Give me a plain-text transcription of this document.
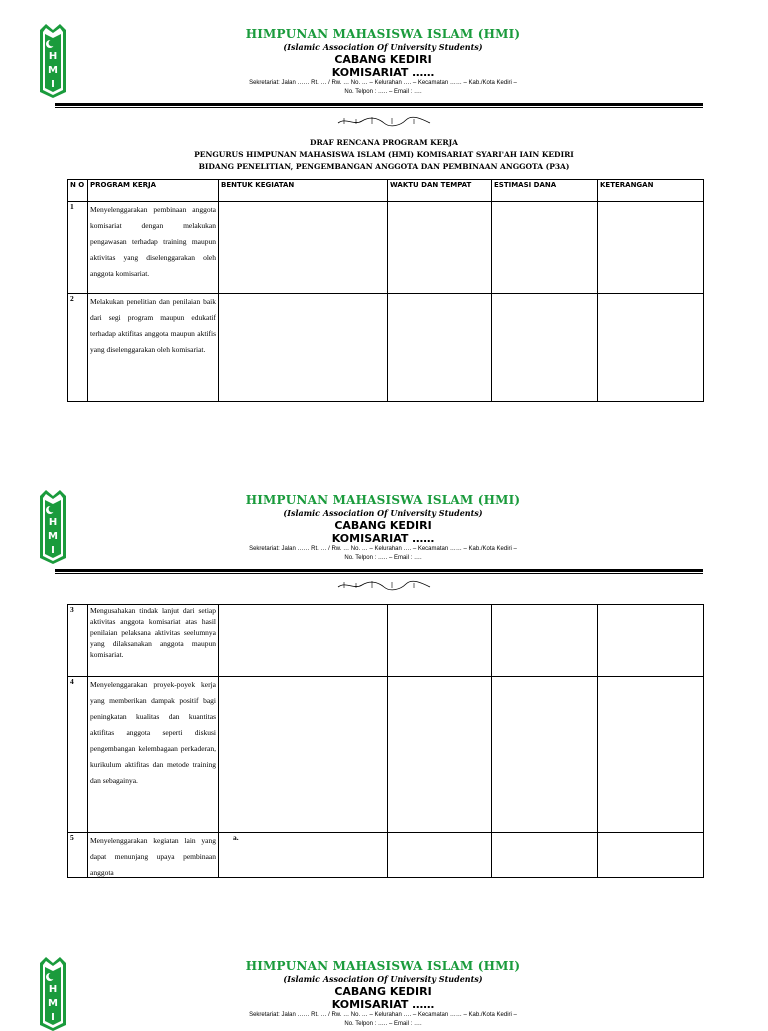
H
M
I
HIMPUNAN MAHASISWA ISLAM (HMI)
(Islamic Association Of University Students)
CABANG KEDIRI
KOMISARIAT ……
Sekretariat: Jalan …… Rt. … / Rw. … No. … – Kelurahan …. – Kecamatan …… – Kab./Kota Kediri –
No. Telpon : ….. – Email : ….
DRAF RENCANA PROGRAM KERJA
PENGURUS HIMPUNAN MAHASISWA ISLAM (HMI) KOMISARIAT SYARI'AH IAIN KEDIRI
BIDANG PENELITIAN, PENGEMBANGAN ANGGOTA DAN PEMBINAAN ANGGOTA (P3A)
N O	PROGRAM KERJA	BENTUK KEGIATAN	WAKTU DAN TEMPAT	ESTIMASI DANA	KETERANGAN
1	Menyelenggarakan pembinaan anggota komisariat dengan melakukan pengawasan terhadap training maupun aktivitas yang diselenggarakan oleh anggota komisariat.				
2	Melakukan penelitian dan penilaian baik dari segi program maupun edukatif terhadap aktifitas anggota maupun aktifis yang diselenggarakan oleh komisariat.				
H
M
I
HIMPUNAN MAHASISWA ISLAM (HMI)
(Islamic Association Of University Students)
CABANG KEDIRI
KOMISARIAT ……
Sekretariat: Jalan …… Rt. … / Rw. … No. … – Kelurahan …. – Kecamatan …… – Kab./Kota Kediri –
No. Telpon : ….. – Email : ….
3	Mengusahakan tindak lanjut dari setiap aktivitas anggota komisariat atas hasil penilaian pelaksana aktivitas seelumnya yang dilaksanakan anggota maupun komisariat.				
4	Menyelenggarakan proyek-poyek kerja yang memberikan dampak positif bagi peningkatan kualitas dan kuantitas aktifitas anggota seperti diskusi pengembangan kelembagaan perkaderan, kurikulum aktifitas dan metode training dan sebagainya.				
5	Menyelenggarakan kegiatan lain yang dapat menunjang upaya pembinaan anggota	a.			
H
M
I
HIMPUNAN MAHASISWA ISLAM (HMI)
(Islamic Association Of University Students)
CABANG KEDIRI
KOMISARIAT ……
Sekretariat: Jalan …… Rt. … / Rw. … No. … – Kelurahan …. – Kecamatan …… – Kab./Kota Kediri –
No. Telpon : ….. – Email : ….
